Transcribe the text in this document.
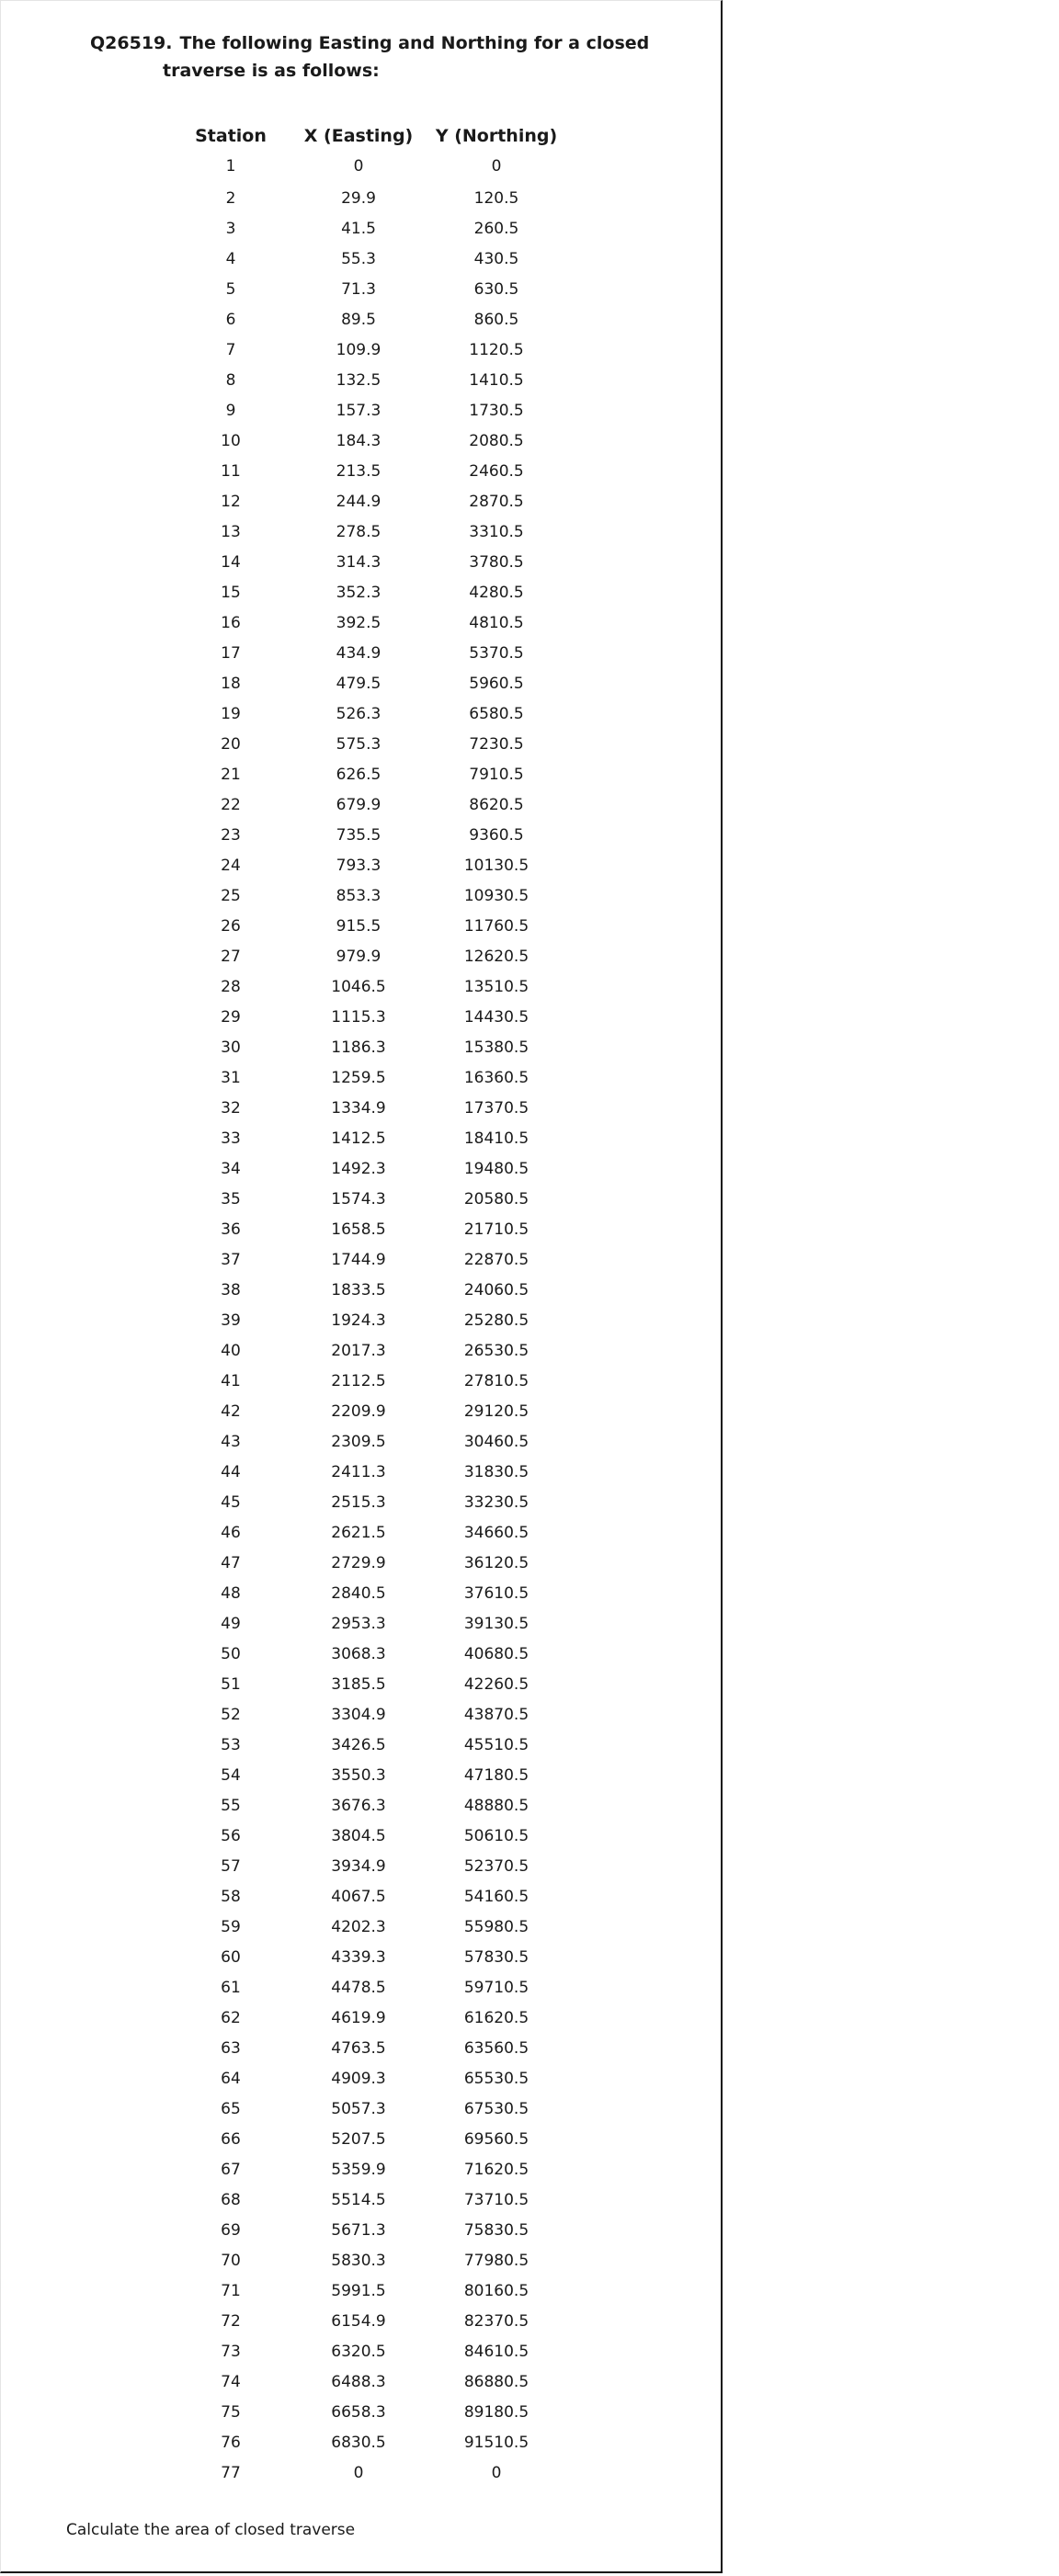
Q26519. The following Easting and Northing for a closed
traverse is as follows:
Station	X (Easting)	Y (Northing)
1	0	0
2	29.9	120.5
3	41.5	260.5
4	55.3	430.5
5	71.3	630.5
6	89.5	860.5
7	109.9	1120.5
8	132.5	1410.5
9	157.3	1730.5
10	184.3	2080.5
11	213.5	2460.5
12	244.9	2870.5
13	278.5	3310.5
14	314.3	3780.5
15	352.3	4280.5
16	392.5	4810.5
17	434.9	5370.5
18	479.5	5960.5
19	526.3	6580.5
20	575.3	7230.5
21	626.5	7910.5
22	679.9	8620.5
23	735.5	9360.5
24	793.3	10130.5
25	853.3	10930.5
26	915.5	11760.5
27	979.9	12620.5
28	1046.5	13510.5
29	1115.3	14430.5
30	1186.3	15380.5
31	1259.5	16360.5
32	1334.9	17370.5
33	1412.5	18410.5
34	1492.3	19480.5
35	1574.3	20580.5
36	1658.5	21710.5
37	1744.9	22870.5
38	1833.5	24060.5
39	1924.3	25280.5
40	2017.3	26530.5
41	2112.5	27810.5
42	2209.9	29120.5
43	2309.5	30460.5
44	2411.3	31830.5
45	2515.3	33230.5
46	2621.5	34660.5
47	2729.9	36120.5
48	2840.5	37610.5
49	2953.3	39130.5
50	3068.3	40680.5
51	3185.5	42260.5
52	3304.9	43870.5
53	3426.5	45510.5
54	3550.3	47180.5
55	3676.3	48880.5
56	3804.5	50610.5
57	3934.9	52370.5
58	4067.5	54160.5
59	4202.3	55980.5
60	4339.3	57830.5
61	4478.5	59710.5
62	4619.9	61620.5
63	4763.5	63560.5
64	4909.3	65530.5
65	5057.3	67530.5
66	5207.5	69560.5
67	5359.9	71620.5
68	5514.5	73710.5
69	5671.3	75830.5
70	5830.3	77980.5
71	5991.5	80160.5
72	6154.9	82370.5
73	6320.5	84610.5
74	6488.3	86880.5
75	6658.3	89180.5
76	6830.5	91510.5
77	0	0
Calculate the area of closed traverse
